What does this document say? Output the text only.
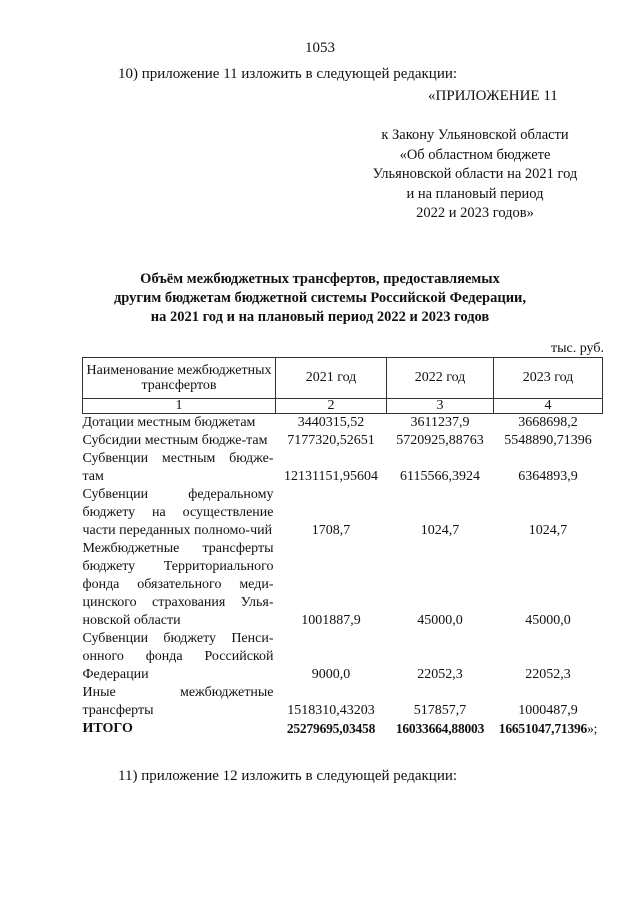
1053
10) приложение 11 изложить в следующей редакции:
«ПРИЛОЖЕНИЕ 11
к Закону Ульяновской области
«Об областном бюджете
Ульяновской области на 2021 год
и на плановый период
2022 и 2023 годов»
Объём межбюджетных трансфертов, предоставляемых
другим бюджетам бюджетной системы Российской Федерации,
на 2021 год и на плановый период 2022 и 2023 годов
тыс. руб.
Наименование межбюджетных трансфертов	2021 год	2022 год	2023 год
1	2	3	4
Дотации местным бюджетам	3440315,52	3611237,9	3668698,2
Субсидии местным бюдже-там	7177320,52651	5720925,88763	5548890,71396
Субвенции местным бюдже-там	12131151,95604	6115566,3924	6364893,9
Субвенции федеральному бюджету на осуществление части переданных полномо-чий	1708,7	1024,7	1024,7
Межбюджетные трансферты бюджету Территориального фонда обязательного меди-цинского страхования Улья-новской области	1001887,9	45000,0	45000,0
Субвенции бюджету Пенси-онного фонда Российской Федерации	9000,0	22052,3	22052,3
Иные межбюджетные трансферты	1518310,43203	517857,7	1000487,9
ИТОГО	25279695,03458	16033664,88003	16651047,71396»;
11) приложение 12 изложить в следующей редакции:
